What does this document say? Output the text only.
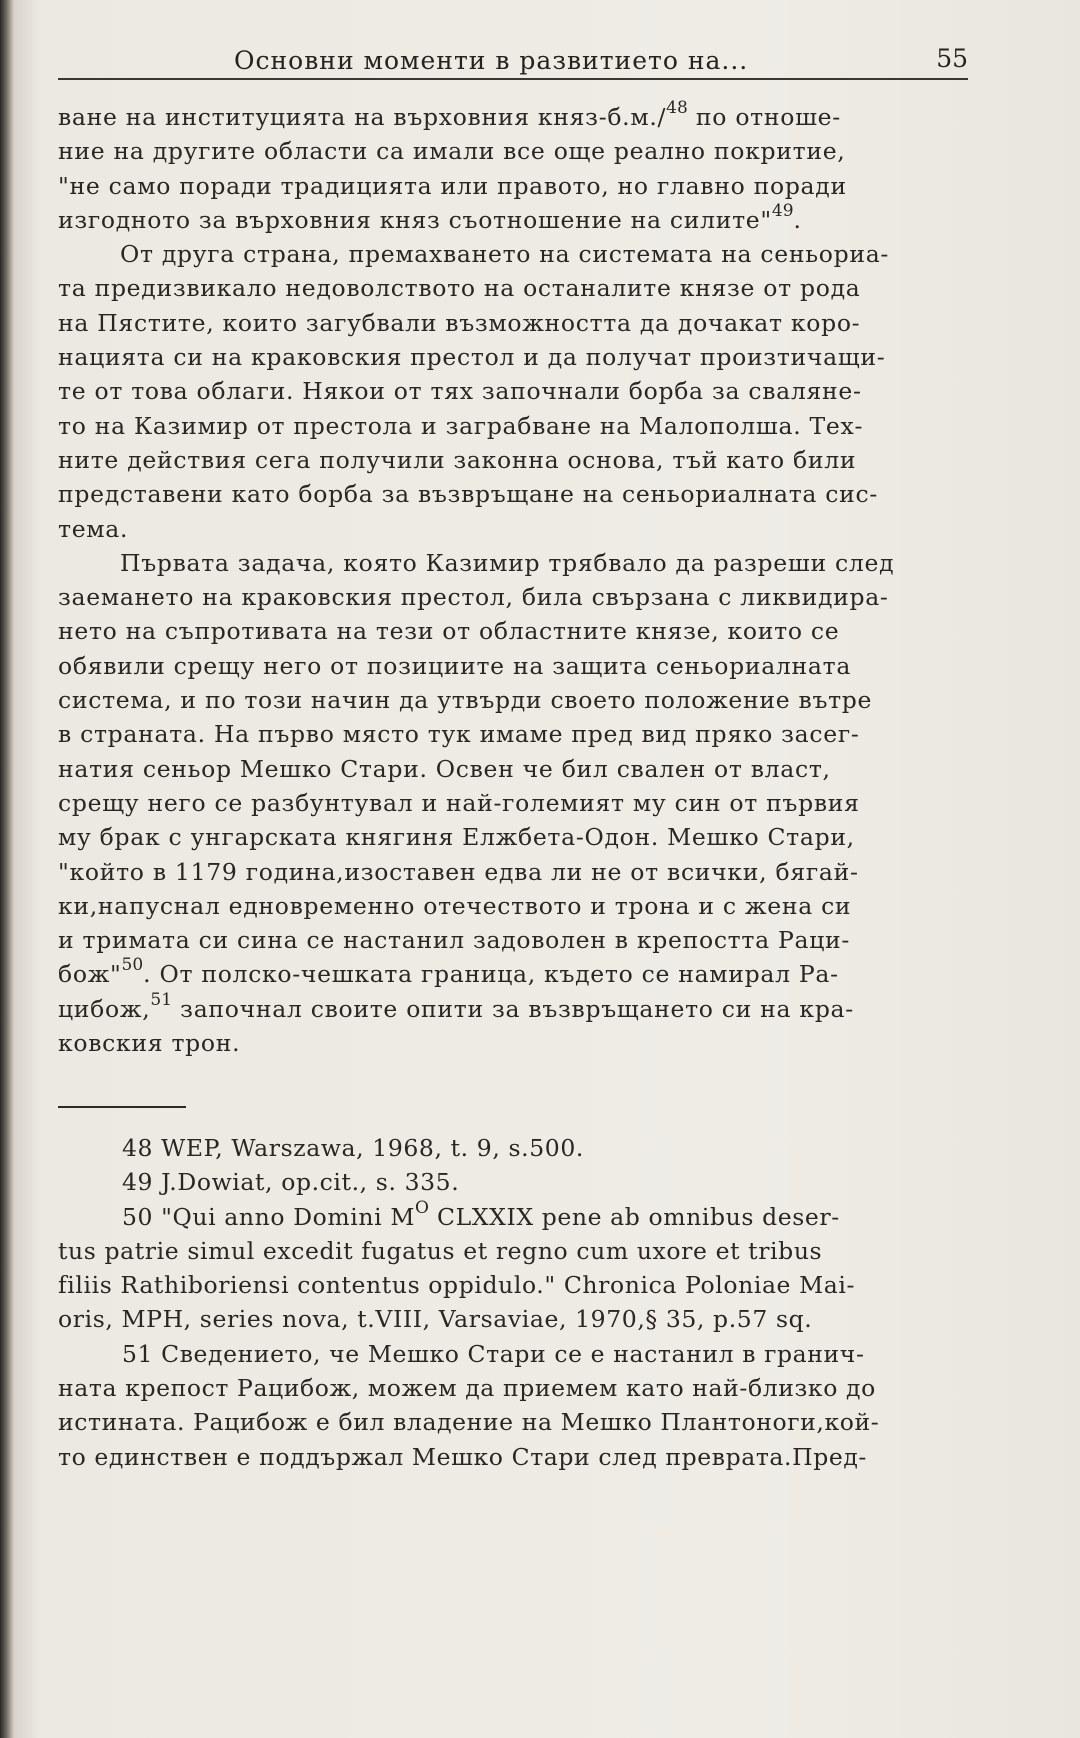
Основни моменти в развитието на...	55
ване на институцията на върховния княз-б.м./$^{48}$ по отноше-
ние на другите области са имали все още реално покритие,
"не само поради традицията или правото, но главно поради
изгодното за върховния княз съотношение на силите"$^{49}$.
От друга страна, премахването на системата на сеньориа-
та предизвикало недоволството на останалите князе от рода
на Пястите, които загубвали възможността да дочакат коро-
нацията си на краковския престол и да получат произтичащи-
те от това облаги. Някои от тях започнали борба за сваляне-
то на Казимир от престола и заграбване на Малополша. Тех-
ните действия сега получили законна основа, тъй като били
представени като борба за възвръщане на сеньориалната сис-
тема.
Първата задача, която Казимир трябвало да разреши след
заемането на краковския престол, била свързана с ликвидира-
нето на съпротивата на тези от областните князе, които се
обявили срещу него от позициите на защита сеньориалната
система, и по този начин да утвърди своето положение вътре
в страната. На първо място тук имаме пред вид пряко засег-
натия сеньор Мешко Стари. Освен че бил свален от власт,
срещу него се разбунтувал и най-големият му син от първия
му брак с унгарската княгиня Елжбета-Одон. Мешко Стари,
"който в 1179 година,изоставен едва ли не от всички, бягай-
ки,напуснал едновременно отечеството и трона и с жена си
и тримата си сина се настанил задоволен в крепостта Раци-
бож"$^{50}$. От полско-чешката граница, където се намирал Ра-
цибож,$^{51}$ започнал своите опити за възвръщането си на кра-
ковския трон.
48 WEP, Warszawa, 1968, t. 9, s.500.
49 J.Dowiat, op.cit., s. 335.
50 "Qui anno Domini $M^O$ CLXXIX pene ab omnibus deser-
tus patrie simul excedit fugatus et regno cum uxore et tribus
filiis Rathiboriensi contentus oppidulo." Chronica Poloniae Mai-
oris, MPH, series nova, t.VIII, Varsaviae, 1970,§ 35, p.57 sq.
51 Сведението, че Мешко Стари се е настанил в гранич-
ната крепост Рацибож, можем да приемем като най-близко до
истината. Рацибож е бил владение на Мешко Плантоноги,кой-
то единствен е поддържал Мешко Стари след преврата.Пред-
